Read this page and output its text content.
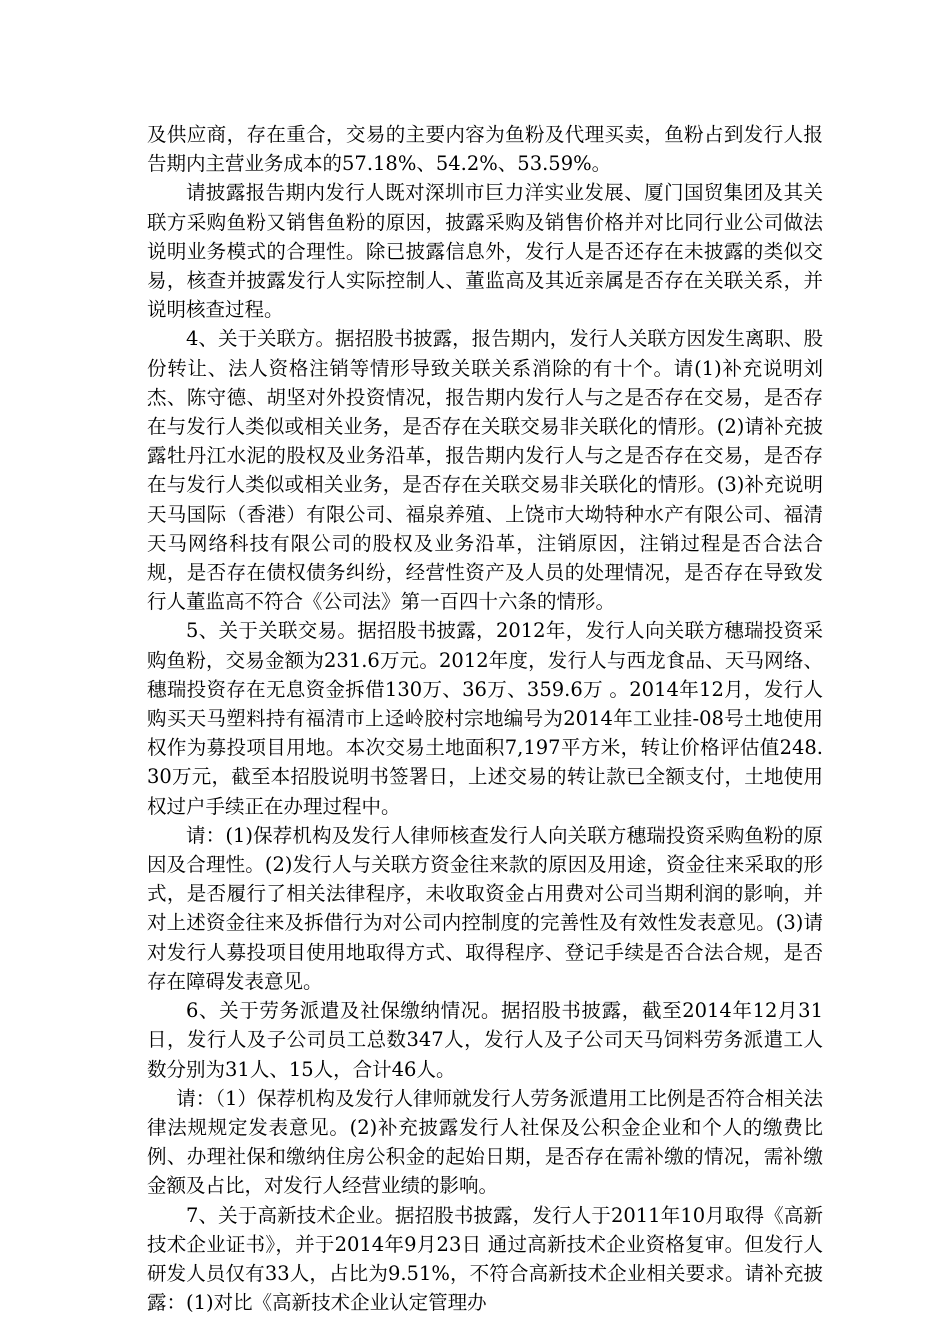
及供应商，存在重合，交易的主要内容为鱼粉及代理买卖，鱼粉占到发行人报告期内主营业务成本的57.18%、54.2%、53.59%。

请披露报告期内发行人既对深圳市巨力洋实业发展、厦门国贸集团及其关联方采购鱼粉又销售鱼粉的原因，披露采购及销售价格并对比同行业公司做法说明业务模式的合理性。除已披露信息外，发行人是否还存在未披露的类似交易，核查并披露发行人实际控制人、董监高及其近亲属是否存在关联关系，并说明核查过程。

4、关于关联方。据招股书披露，报告期内，发行人关联方因发生离职、股份转让、法人资格注销等情形导致关联关系消除的有十个。请(1)补充说明刘杰、陈守德、胡坚对外投资情况，报告期内发行人与之是否存在交易，是否存在与发行人类似或相关业务，是否存在关联交易非关联化的情形。(2)请补充披露牡丹江水泥的股权及业务沿革，报告期内发行人与之是否存在交易，是否存在与发行人类似或相关业务，是否存在关联交易非关联化的情形。(3)补充说明天马国际（香港）有限公司、福泉养殖、上饶市大坳特种水产有限公司、福清天马网络科技有限公司的股权及业务沿革，注销原因，注销过程是否合法合规，是否存在债权债务纠纷，经营性资产及人员的处理情况，是否存在导致发行人董监高不符合《公司法》第一百四十六条的情形。

5、关于关联交易。据招股书披露，2012年，发行人向关联方穗瑞投资采购鱼粉，交易金额为231.6万元。2012年度，发行人与西龙食品、天马网络、穗瑞投资存在无息资金拆借130万、36万、359.6万 。2014年12月，发行人购买天马塑料持有福清市上迳岭胶村宗地编号为2014年工业挂-08号土地使用权作为募投项目用地。本次交易土地面积7,197平方米，转让价格评估值248.30万元，截至本招股说明书签署日，上述交易的转让款已全额支付，土地使用权过户手续正在办理过程中。

请：(1)保荐机构及发行人律师核查发行人向关联方穗瑞投资采购鱼粉的原因及合理性。(2)发行人与关联方资金往来款的原因及用途，资金往来采取的形式，是否履行了相关法律程序，未收取资金占用费对公司当期利润的影响，并对上述资金往来及拆借行为对公司内控制度的完善性及有效性发表意见。(3)请对发行人募投项目使用地取得方式、取得程序、登记手续是否合法合规，是否存在障碍发表意见。

6、关于劳务派遣及社保缴纳情况。据招股书披露，截至2014年12月31日，发行人及子公司员工总数347人，发行人及子公司天马饲料劳务派遣工人数分别为31人、15人，合计46人。

请：（1）保荐机构及发行人律师就发行人劳务派遣用工比例是否符合相关法律法规规定发表意见。(2)补充披露发行人社保及公积金企业和个人的缴费比例、办理社保和缴纳住房公积金的起始日期，是否存在需补缴的情况，需补缴金额及占比，对发行人经营业绩的影响。

7、关于高新技术企业。据招股书披露，发行人于2011年10月取得《高新技术企业证书》，并于2014年9月23日 通过高新技术企业资格复审。但发行人研发人员仅有33人，占比为9.51%，不符合高新技术企业相关要求。请补充披露：(1)对比《高新技术企业认定管理办
